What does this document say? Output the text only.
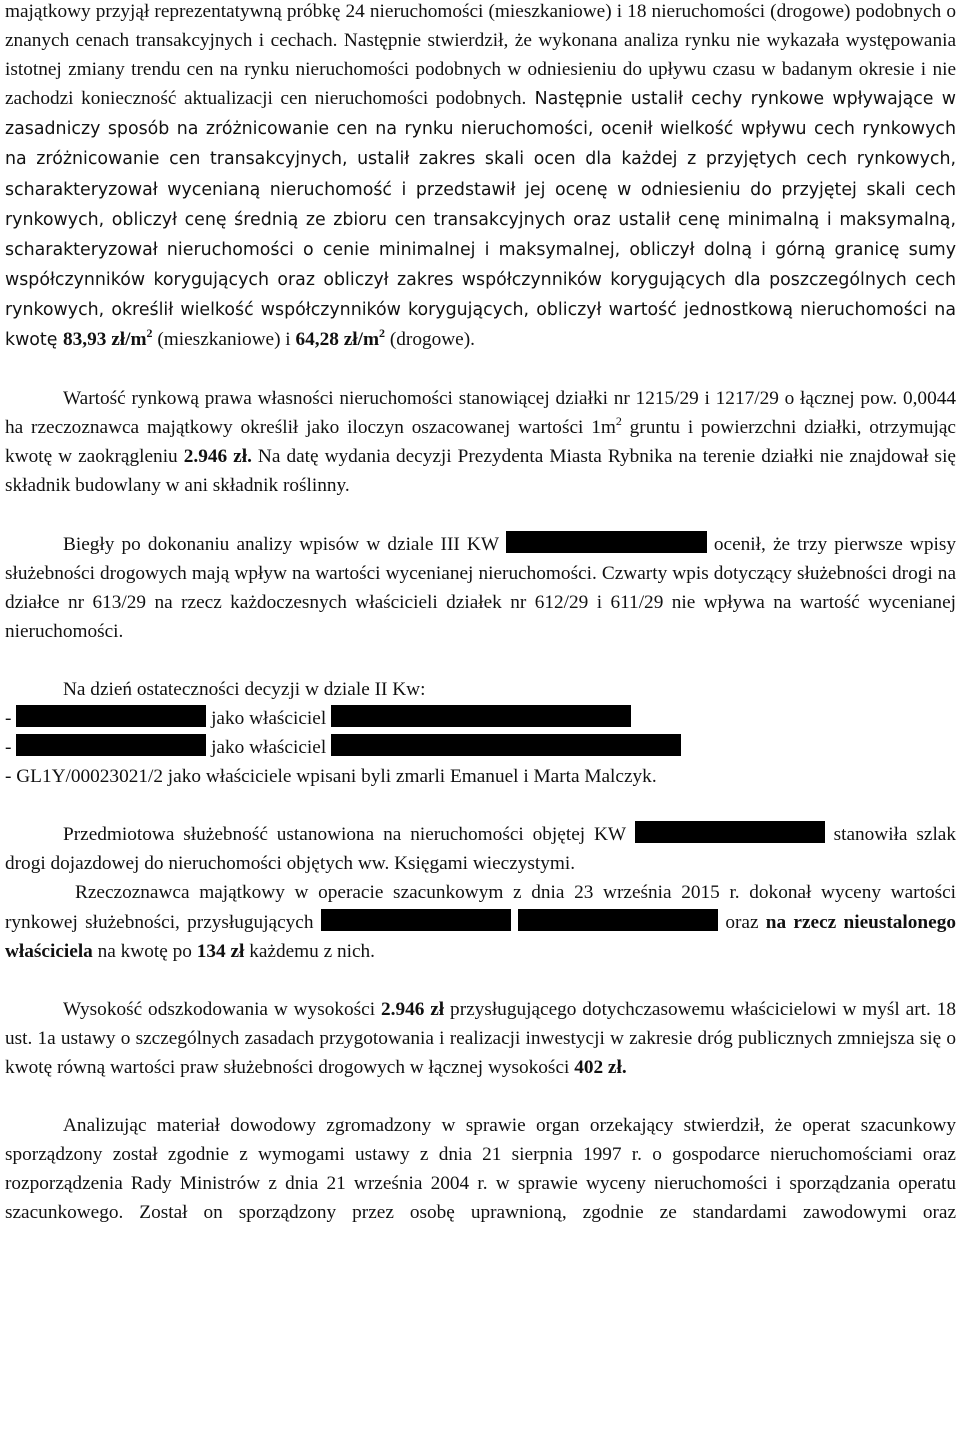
majątkowy przyjął reprezentatywną próbkę 24 nieruchomości (mieszkaniowe) i 18 nieruchomości (drogowe) podobnych o znanych cenach transakcyjnych i cechach. Następnie stwierdził, że wykonana analiza rynku nie wykazała występowania istotnej zmiany trendu cen na rynku nieruchomości podobnych w odniesieniu do upływu czasu w badanym okresie i nie zachodzi konieczność aktualizacji cen nieruchomości podobnych. Następnie ustalił cechy rynkowe wpływające w zasadniczy sposób na zróżnicowanie cen na rynku nieruchomości, ocenił wielkość wpływu cech rynkowych na zróżnicowanie cen transakcyjnych, ustalił zakres skali ocen dla każdej z przyjętych cech rynkowych, scharakteryzował wycenianą nieruchomość i przedstawił jej ocenę w odniesieniu do przyjętej skali cech rynkowych, obliczył cenę średnią ze zbioru cen transakcyjnych oraz ustalił cenę minimalną i maksymalną, scharakteryzował nieruchomości o cenie minimalnej i maksymalnej, obliczył dolną i górną granicę sumy współczynników korygujących oraz obliczył zakres współczynników korygujących dla poszczególnych cech rynkowych, określił wielkość współczynników korygujących, obliczył wartość jednostkową nieruchomości na kwotę 83,93 $zł/m^2$ (mieszkaniowe) i 64,28 $zł/m^2$ (drogowe).

Wartość rynkową prawa własności nieruchomości stanowiącej działki nr 1215/29 i 1217/29 o łącznej pow. 0,0044 ha rzeczoznawca majątkowy określił jako iloczyn oszacowanej wartości $1m^2$ gruntu i powierzchni działki, otrzymując kwotę w zaokrągleniu 2.946 zł. Na datę wydania decyzji Prezydenta Miasta Rybnika na terenie działki nie znajdował się składnik budowlany w ani składnik roślinny.

Biegły po dokonaniu analizy wpisów w dziale III KW	ocenił, że trzy pierwsze wpisy służebności drogowych mają wpływ na wartości wycenianej nieruchomości. Czwarty wpis dotyczący służebności drogi na działce nr 613/29 na rzecz każdoczesnych właścicieli działek nr 612/29 i 611/29 nie wpływa na wartość wycenianej nieruchomości.

Na dzień ostateczności decyzji w dziale II Kw:
-	jako właściciel
-	jako właściciel
- GL1Y/00023021/2 jako właściciele wpisani byli zmarli Emanuel i Marta Malczyk.

Przedmiotowa służebność ustanowiona na nieruchomości objętej KW	stanowiła szlak drogi dojazdowej do nieruchomości objętych ww. Księgami wieczystymi.

Rzeczoznawca majątkowy w operacie szacunkowym z dnia 23 września 2015 r. dokonał wyceny wartości rynkowej służebności, przysługujących	oraz na rzecz nieustalonego właściciela na kwotę po 134 zł każdemu z nich.

Wysokość odszkodowania w wysokości 2.946 zł przysługującego dotychczasowemu właścicielowi w myśl art. 18 ust. 1a ustawy o szczególnych zasadach przygotowania i realizacji inwestycji w zakresie dróg publicznych zmniejsza się o kwotę równą wartości praw służebności drogowych w łącznej wysokości 402 zł.

Analizując materiał dowodowy zgromadzony w sprawie organ orzekający stwierdził, że operat szacunkowy sporządzony został zgodnie z wymogami ustawy z dnia 21 sierpnia 1997 r. o gospodarce nieruchomościami oraz rozporządzenia Rady Ministrów z dnia 21 września 2004 r. w sprawie wyceny nieruchomości i sporządzania operatu szacunkowego. Został on sporządzony przez osobę uprawnioną, zgodnie ze standardami zawodowymi oraz
